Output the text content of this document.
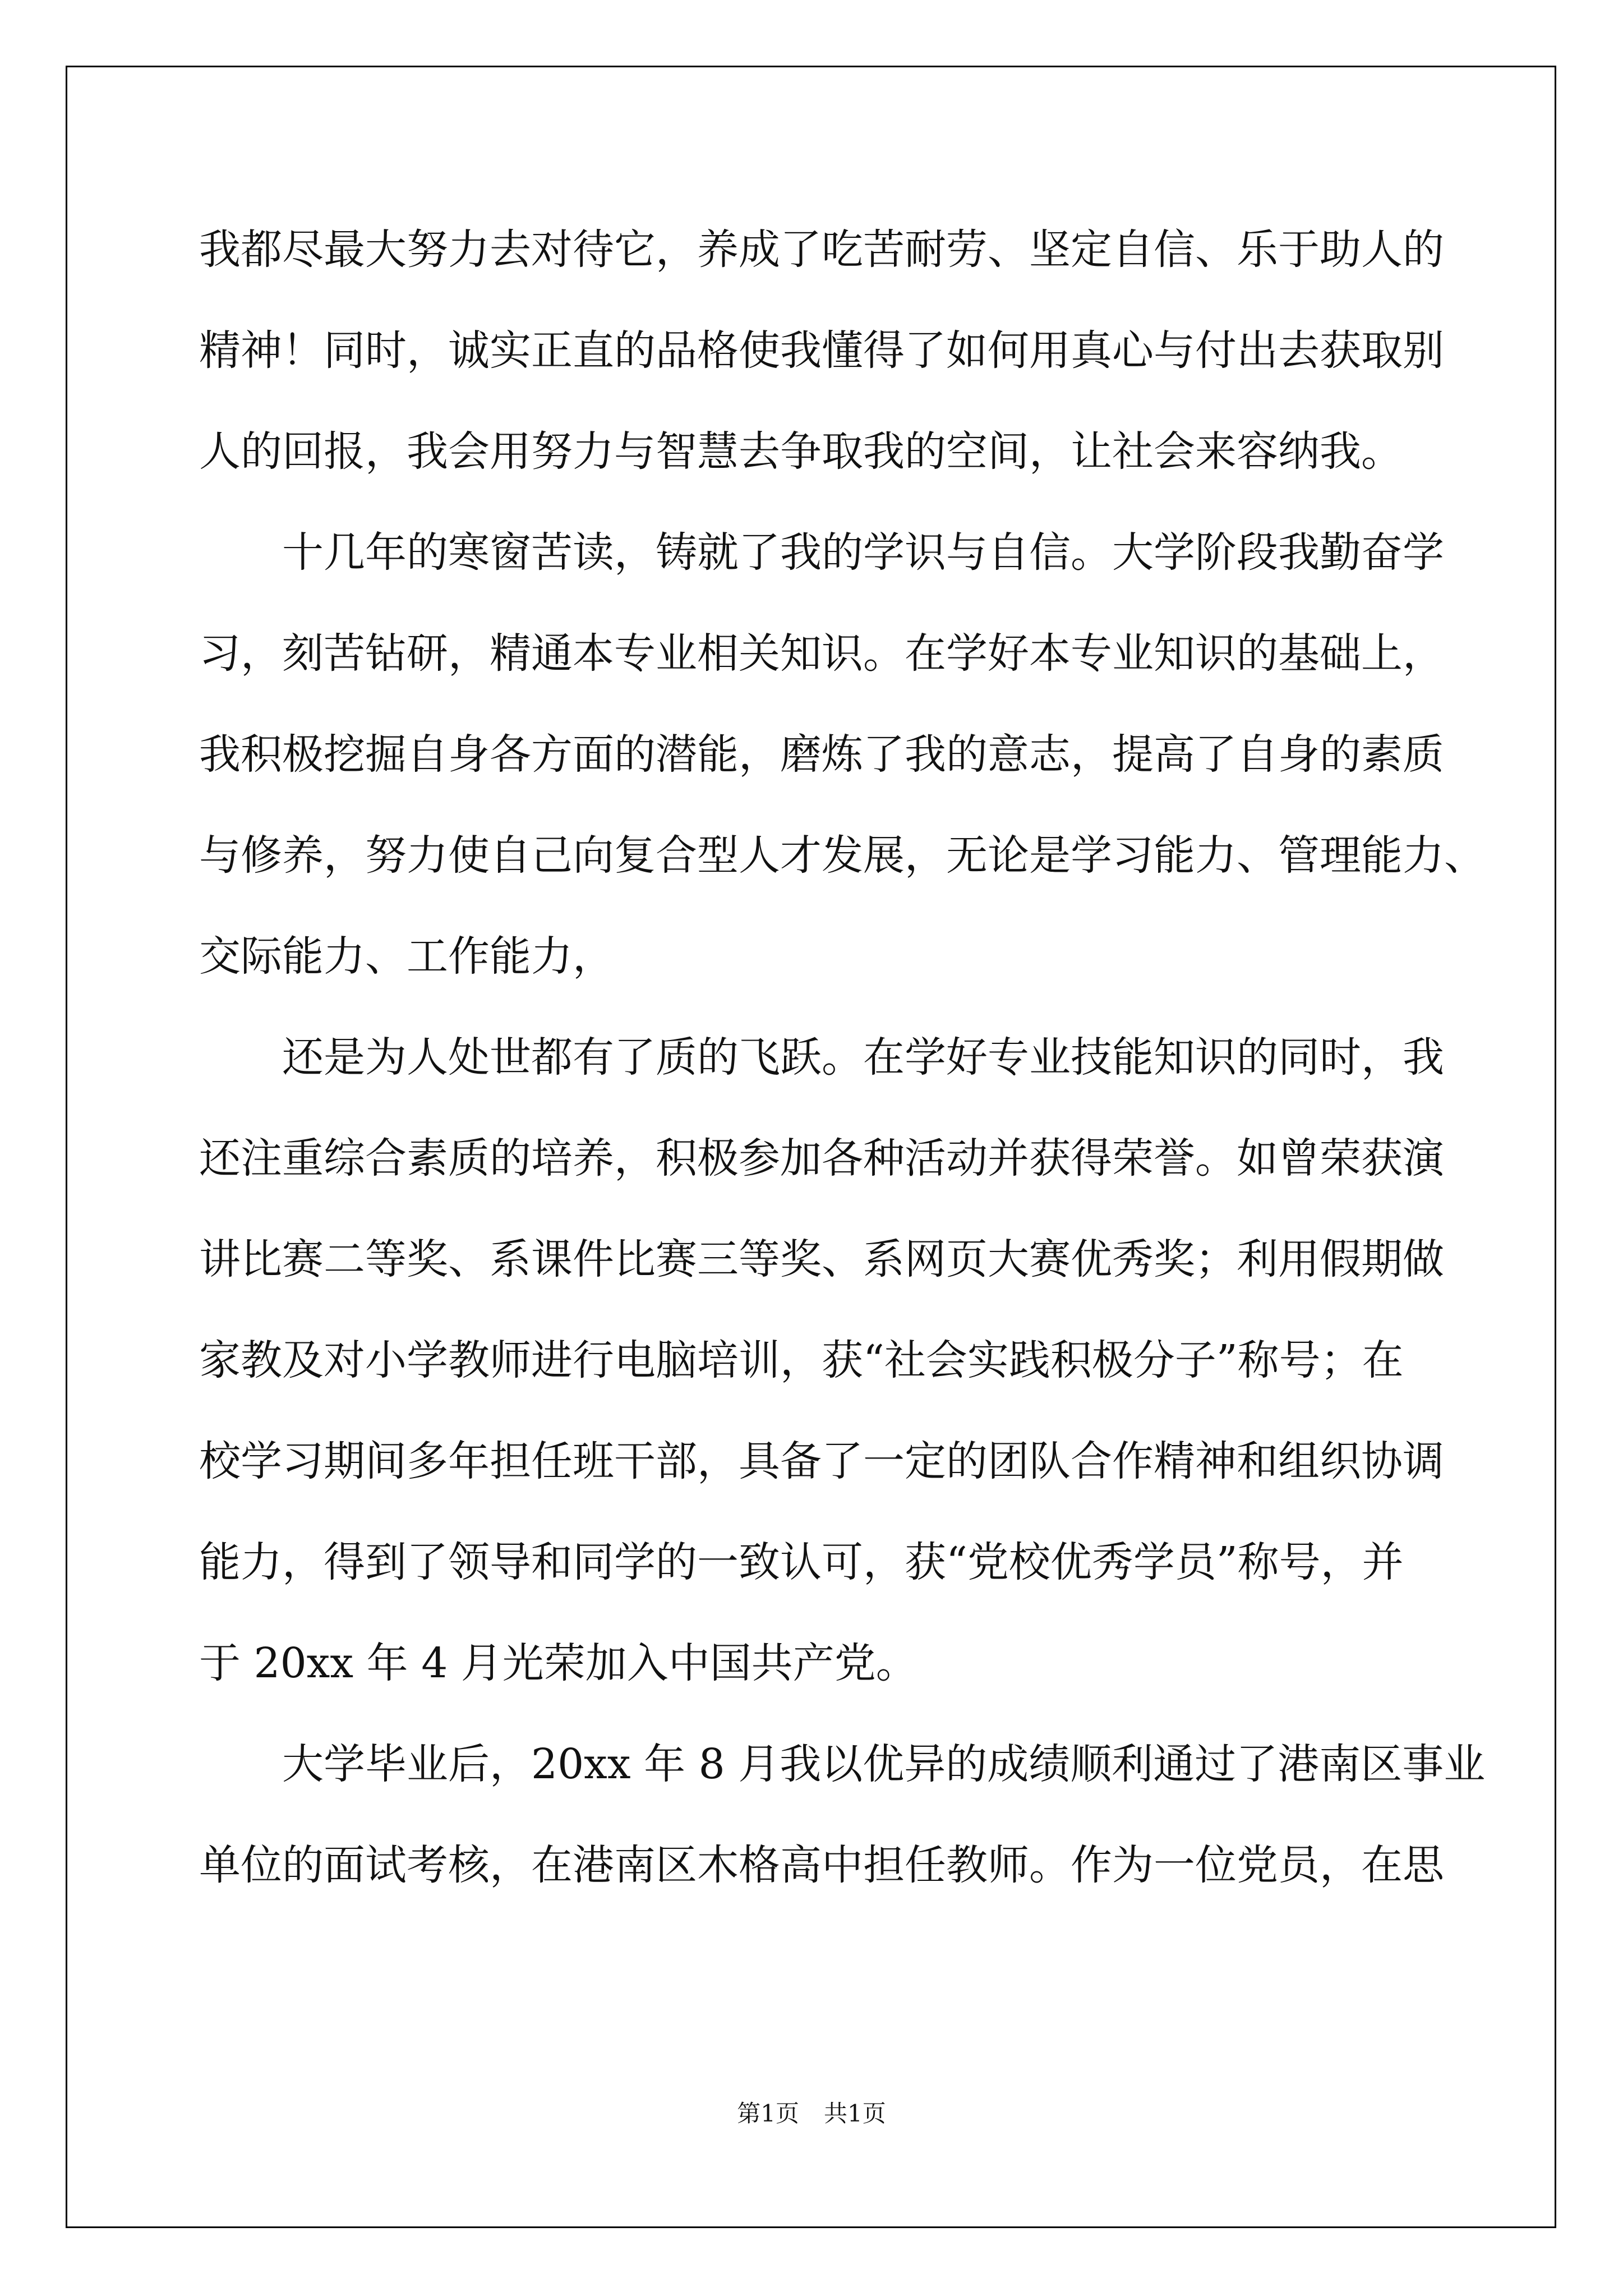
我都尽最大努力去对待它，养成了吃苦耐劳、坚定自信、乐于助人的
精神！同时，诚实正直的品格使我懂得了如何用真心与付出去获取别
人的回报，我会用努力与智慧去争取我的空间，让社会来容纳我。
十几年的寒窗苦读，铸就了我的学识与自信。大学阶段我勤奋学
习，刻苦钻研，精通本专业相关知识。在学好本专业知识的基础上，
我积极挖掘自身各方面的潜能，磨炼了我的意志，提高了自身的素质
与修养，努力使自己向复合型人才发展，无论是学习能力、管理能力、
交际能力、工作能力，
还是为人处世都有了质的飞跃。在学好专业技能知识的同时，我
还注重综合素质的培养，积极参加各种活动并获得荣誉。如曾荣获演
讲比赛二等奖、系课件比赛三等奖、系网页大赛优秀奖；利用假期做
家教及对小学教师进行电脑培训，获“社会实践积极分子”称号；在
校学习期间多年担任班干部，具备了一定的团队合作精神和组织协调
能力，得到了领导和同学的一致认可，获“党校优秀学员”称号，并
于 20xx 年 4 月光荣加入中国共产党。
大学毕业后，20xx 年 8 月我以优异的成绩顺利通过了港南区事业
单位的面试考核，在港南区木格高中担任教师。作为一位党员，在思
第1页 共1页
